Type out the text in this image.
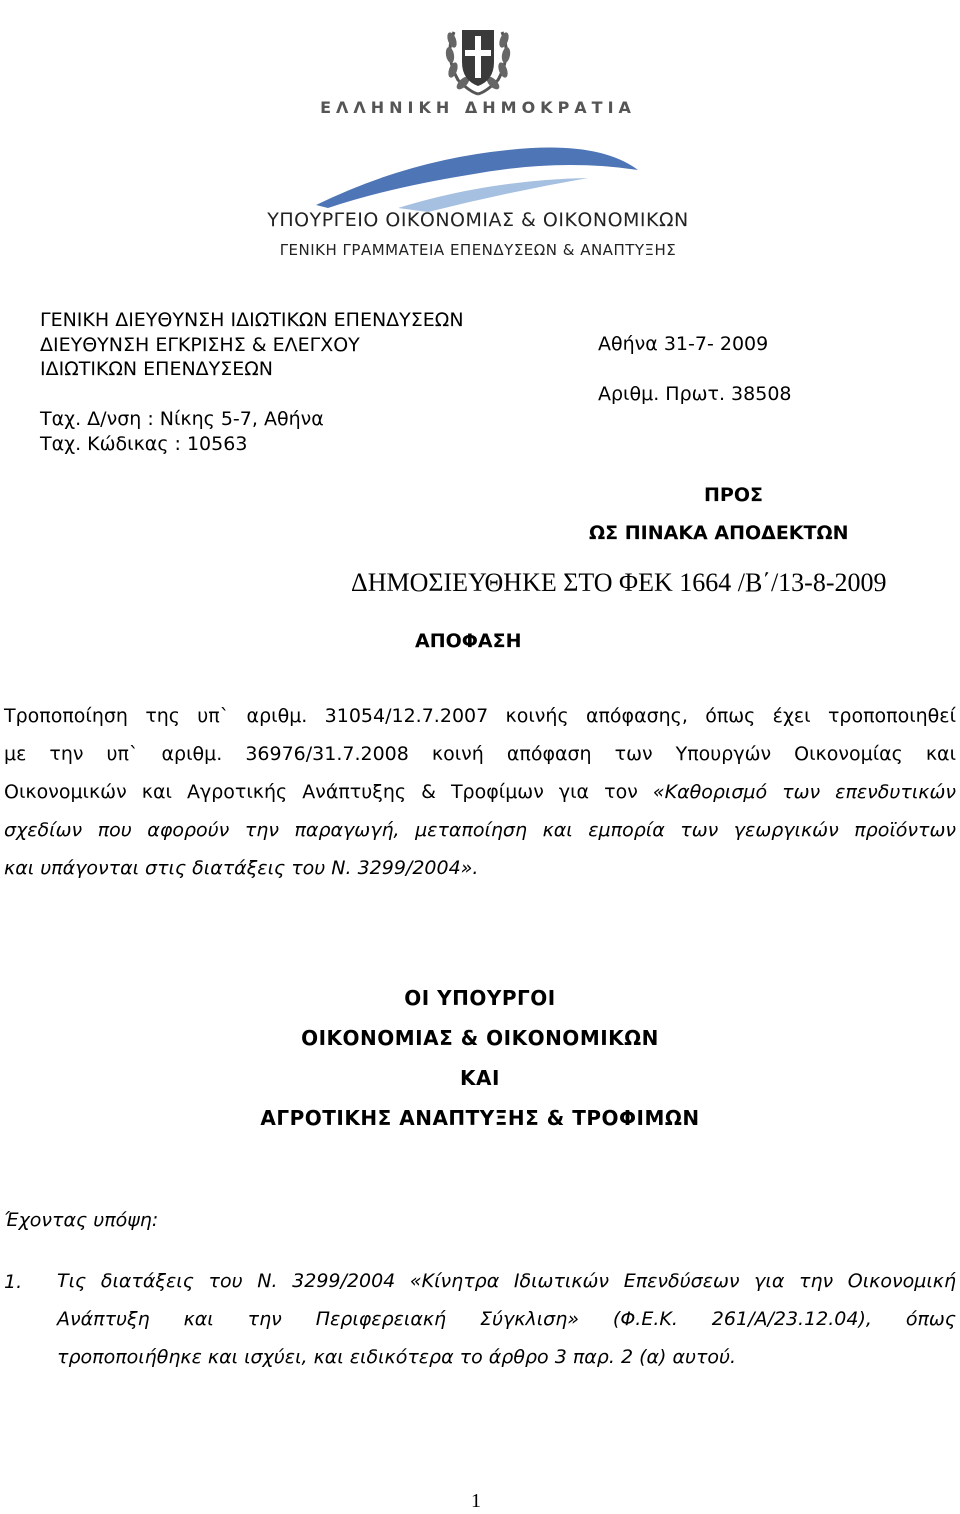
ΕΛΛΗΝΙΚΗ ΔΗΜΟΚΡΑΤΙΑ
ΥΠΟΥΡΓΕΙΟ ΟΙΚΟΝΟΜΙΑΣ & ΟΙΚΟΝΟΜΙΚΩΝ
ΓΕΝΙΚΗ ΓΡΑΜΜΑΤΕΙΑ ΕΠΕΝΔΥΣΕΩΝ & ΑΝΑΠΤΥΞΗΣ
ΓΕΝΙΚΗ ΔΙΕΥΘΥΝΣΗ ΙΔΙΩΤΙΚΩΝ ΕΠΕΝΔΥΣΕΩΝ
ΔΙΕΥΘΥΝΣΗ ΕΓΚΡΙΣΗΣ & ΕΛΕΓΧΟΥ
ΙΔΙΩΤΙΚΩΝ ΕΠΕΝΔΥΣΕΩΝ
Ταχ. Δ/νση : Νίκης 5-7, Αθήνα
Ταχ. Κώδικας : 10563
Αθήνα 31-7- 2009
Αριθμ. Πρωτ. 38508
ΠΡΟΣ
ΩΣ ΠΙΝΑΚΑ ΑΠΟΔΕΚΤΩΝ
ΔΗΜΟΣΙΕΥΘΗΚΕ ΣΤΟ ΦΕΚ 1664 /Β΄/13-8-2009
ΑΠΟΦΑΣΗ
Τροποποίηση της υπ` αριθμ. 31054/12.7.2007 κοινής απόφασης, όπως έχει τροποποιηθεί
με την υπ` αριθμ. 36976/31.7.2008 κοινή απόφαση των Υπουργών Οικονομίας και
Οικονομικών και Αγροτικής Ανάπτυξης & Τροφίμων για τον «Καθορισμό των επενδυτικών
σχεδίων που αφορούν την παραγωγή, μεταποίηση και εμπορία των γεωργικών προϊόντων
και υπάγονται στις διατάξεις του Ν. 3299/2004».
ΟΙ ΥΠΟΥΡΓΟΙ
ΟΙΚΟΝΟΜΙΑΣ & ΟΙΚΟΝΟΜΙΚΩΝ
ΚΑΙ
ΑΓΡΟΤΙΚΗΣ ΑΝΑΠΤΥΞΗΣ & ΤΡΟΦΙΜΩΝ
Έχοντας υπόψη:
1. Τις διατάξεις του Ν. 3299/2004 «Κίνητρα Ιδιωτικών Επενδύσεων για την Οικονομική
Ανάπτυξη και την Περιφερειακή Σύγκλιση» (Φ.Ε.Κ. 261/Α/23.12.04), όπως
τροποποιήθηκε και ισχύει, και ειδικότερα το άρθρο 3 παρ. 2 (α) αυτού.
1
